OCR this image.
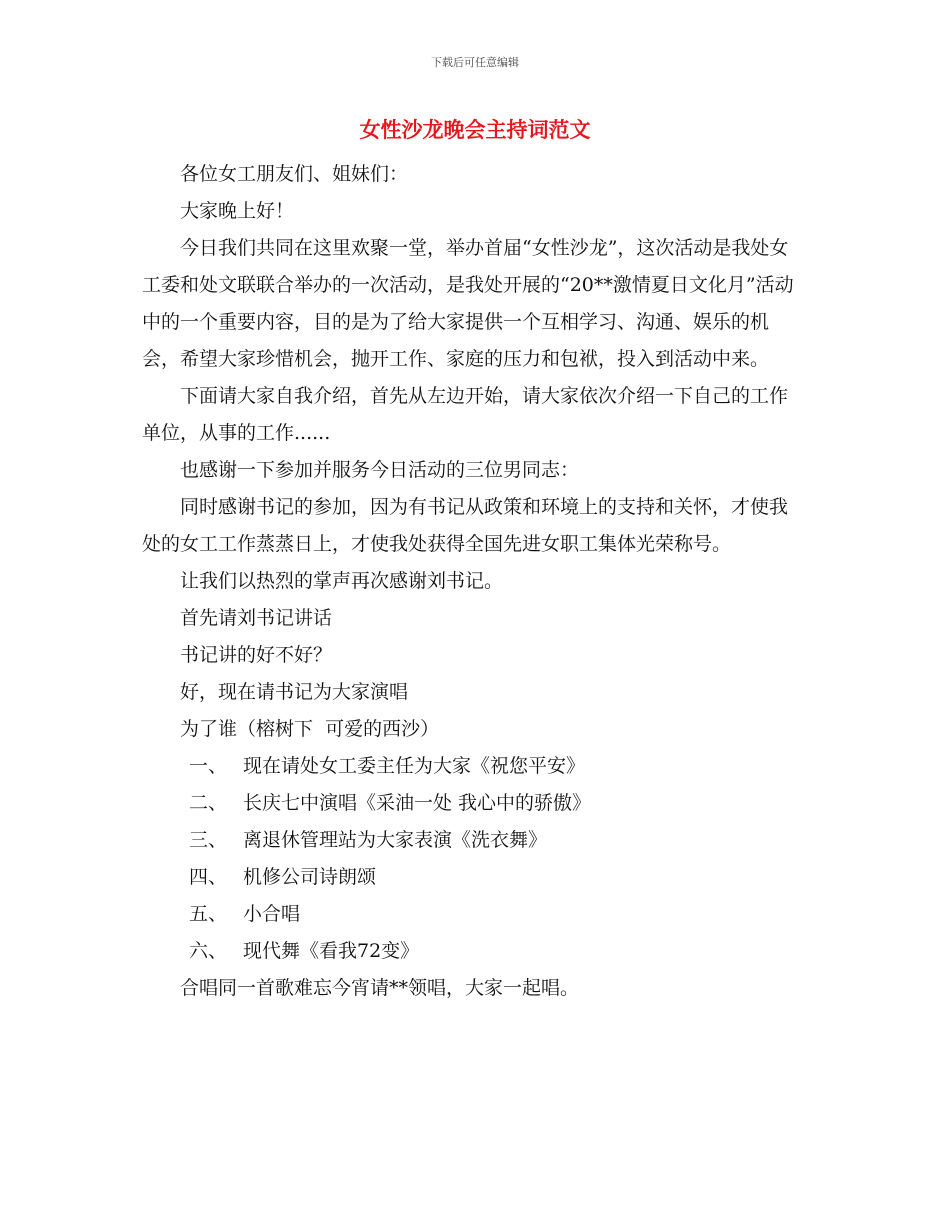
下载后可任意编辑
女性沙龙晚会主持词范文

各位女工朋友们、姐妹们：

大家晚上好！

今日我们共同在这里欢聚一堂，举办首届“女性沙龙”，这次活动是我处女工委和处文联联合举办的一次活动，是我处开展的“20**激情夏日文化月”活动中的一个重要内容，目的是为了给大家提供一个互相学习、沟通、娱乐的机会，希望大家珍惜机会，抛开工作、家庭的压力和包袱，投入到活动中来。

下面请大家自我介绍，首先从左边开始，请大家依次介绍一下自己的工作单位，从事的工作......

也感谢一下参加并服务今日活动的三位男同志：

同时感谢书记的参加，因为有书记从政策和环境上的支持和关怀，才使我处的女工工作蒸蒸日上，才使我处获得全国先进女职工集体光荣称号。

让我们以热烈的掌声再次感谢刘书记。

首先请刘书记讲话

书记讲的好不好？

好，现在请书记为大家演唱

为了谁（榕树下  可爱的西沙）

一、 现在请处女工委主任为大家《祝您平安》
二、 长庆七中演唱《采油一处 我心中的骄傲》
三、 离退休管理站为大家表演《洗衣舞》
四、 机修公司诗朗颂
五、 小合唱
六、 现代舞《看我72变》

合唱同一首歌难忘今宵请**领唱，大家一起唱。
